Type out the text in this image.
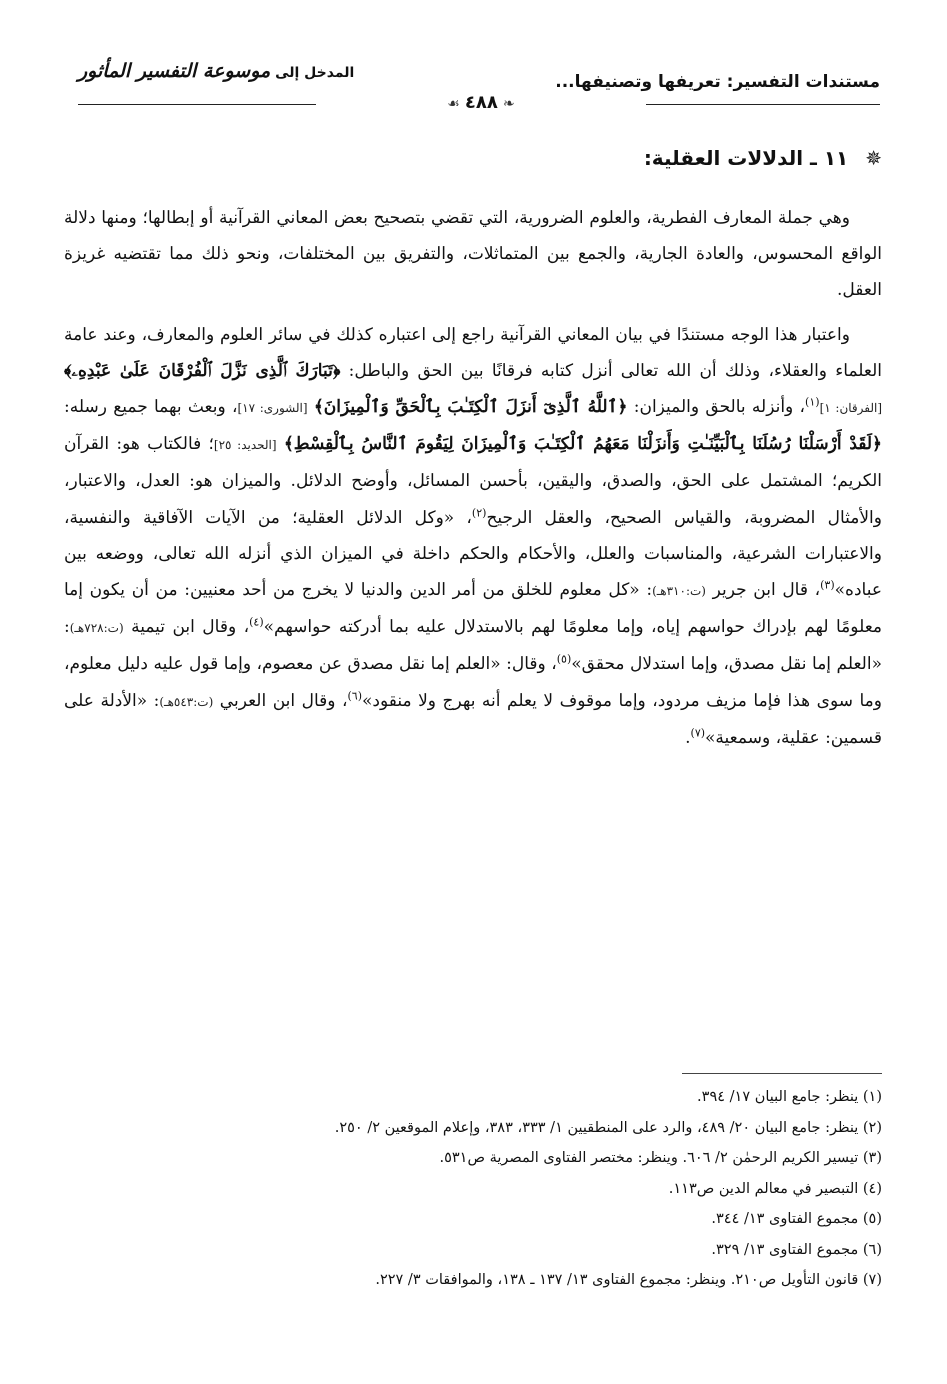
مستندات التفسير: تعريفها وتصنيفها...
المدخل إلى موسوعة التفسير المأثور
❧ ٤٨٨ ☙
✵ ١١ ـ الدلالات العقلية:

وهي جملة المعارف الفطرية، والعلوم الضرورية، التي تقضي بتصحيح بعض المعاني القرآنية أو إبطالها؛ ومنها دلالة الواقع المحسوس، والعادة الجارية، والجمع بين المتماثلات، والتفريق بين المختلفات، ونحو ذلك مما تقتضيه غريزة العقل.

واعتبار هذا الوجه مستندًا في بيان المعاني القرآنية راجع إلى اعتباره كذلك في سائر العلوم والمعارف، وعند عامة العلماء والعقلاء، وذلك أن الله تعالى أنزل كتابه فرقانًا بين الحق والباطل: ﴿تَبَارَكَ ٱلَّذِى نَزَّلَ ٱلْفُرْقَانَ عَلَىٰ عَبْدِهِۦ﴾ [الفرقان: ١]$^{(١)}$، وأنزله بالحق والميزان: ﴿ٱللَّهُ ٱلَّذِىٓ أَنزَلَ ٱلْكِتَـٰبَ بِٱلْحَقِّ وَٱلْمِيزَانَ﴾ [الشورى: ١٧]، وبعث بهما جميع رسله: ﴿لَقَدْ أَرْسَلْنَا رُسُلَنَا بِٱلْبَيِّنَـٰتِ وَأَنزَلْنَا مَعَهُمُ ٱلْكِتَـٰبَ وَٱلْمِيزَانَ لِيَقُومَ ٱلنَّاسُ بِٱلْقِسْطِ﴾ [الحديد: ٢٥]؛ فالكتاب هو: القرآن الكريم؛ المشتمل على الحق، والصدق، واليقين، بأحسن المسائل، وأوضح الدلائل. والميزان هو: العدل، والاعتبار، والأمثال المضروبة، والقياس الصحيح، والعقل الرجيح$^{(٢)}$، «وكل الدلائل العقلية؛ من الآيات الآفاقية والنفسية، والاعتبارات الشرعية، والمناسبات والعلل، والأحكام والحكم داخلة في الميزان الذي أنزله الله تعالى، ووضعه بين عباده»$^{(٣)}$، قال ابن جرير (ت:٣١٠هـ): «كل معلوم للخلق من أمر الدين والدنيا لا يخرج من أحد معنيين: من أن يكون إما معلومًا لهم بإدراك حواسهم إياه، وإما معلومًا لهم بالاستدلال عليه بما أدركته حواسهم»$^{(٤)}$، وقال ابن تيمية (ت:٧٢٨هـ): «العلم إما نقل مصدق، وإما استدلال محقق»$^{(٥)}$، وقال: «العلم إما نقل مصدق عن معصوم، وإما قول عليه دليل معلوم، وما سوى هذا فإما مزيف مردود، وإما موقوف لا يعلم أنه بهرج ولا منقود»$^{(٦)}$، وقال ابن العربي (ت:٥٤٣هـ): «الأدلة على قسمين: عقلية، وسمعية»$^{(٧)}$.

(١) ينظر: جامع البيان ١٧/ ٣٩٤.

(٢) ينظر: جامع البيان ٢٠/ ٤٨٩، والرد على المنطقيين ١/ ٣٣٣، ٣٨٣، وإعلام الموقعين ٢/ ٢٥٠.

(٣) تيسير الكريم الرحمٰن ٢/ ٦٠٦. وينظر: مختصر الفتاوى المصرية ص٥٣١.

(٤) التبصير في معالم الدين ص١١٣.

(٥) مجموع الفتاوى ١٣/ ٣٤٤.

(٦) مجموع الفتاوى ١٣/ ٣٢٩.

(٧) قانون التأويل ص٢١٠. وينظر: مجموع الفتاوى ١٣/ ١٣٧ ـ ١٣٨، والموافقات ٣/ ٢٢٧.
